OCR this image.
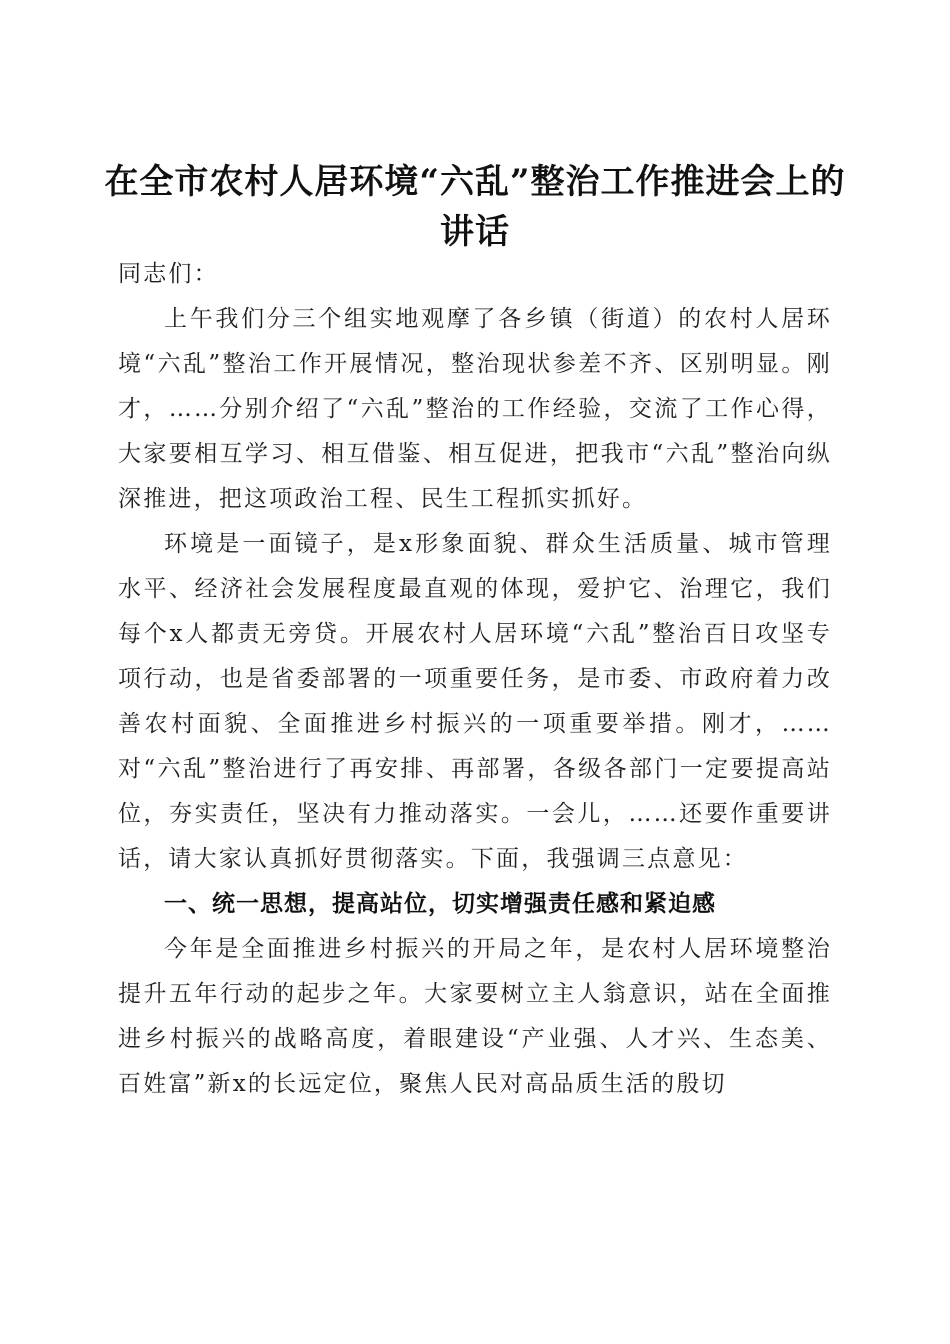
在全市农村人居环境“六乱”整治工作推进会上的讲话

同志们：

上午我们分三个组实地观摩了各乡镇（街道）的农村人居环境“六乱”整治工作开展情况，整治现状参差不齐、区别明显。刚才，……分别介绍了“六乱”整治的工作经验，交流了工作心得，大家要相互学习、相互借鉴、相互促进，把我市“六乱”整治向纵深推进，把这项政治工程、民生工程抓实抓好。

环境是一面镜子，是x形象面貌、群众生活质量、城市管理水平、经济社会发展程度最直观的体现，爱护它、治理它，我们每个x人都责无旁贷。开展农村人居环境“六乱”整治百日攻坚专项行动，也是省委部署的一项重要任务，是市委、市政府着力改善农村面貌、全面推进乡村振兴的一项重要举措。刚才，……对“六乱”整治进行了再安排、再部署，各级各部门一定要提高站位，夯实责任，坚决有力推动落实。一会儿，……还要作重要讲话，请大家认真抓好贯彻落实。下面，我强调三点意见：

一、统一思想，提高站位，切实增强责任感和紧迫感

今年是全面推进乡村振兴的开局之年，是农村人居环境整治提升五年行动的起步之年。大家要树立主人翁意识，站在全面推进乡村振兴的战略高度，着眼建设“产业强、人才兴、生态美、百姓富”新x的长远定位，聚焦人民对高品质生活的殷切
